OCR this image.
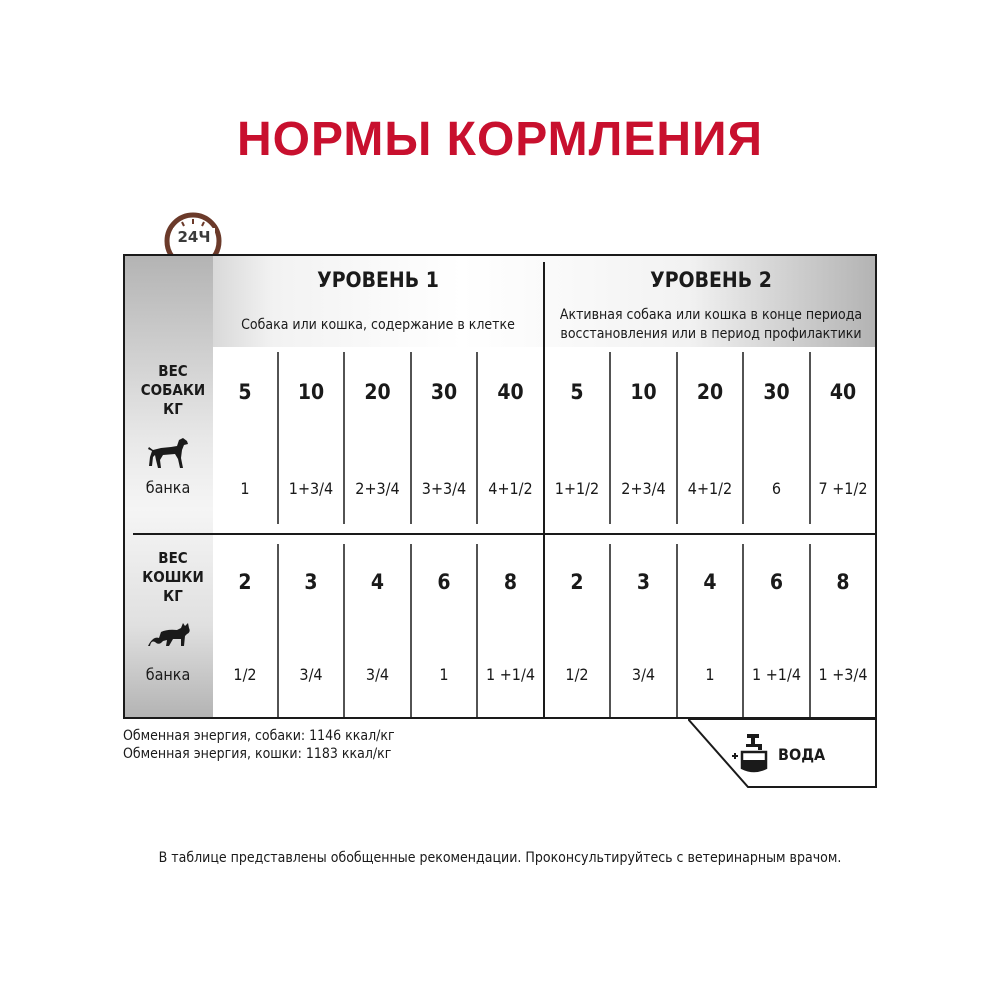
НОРМЫ КОРМЛЕНИЯ
24Ч
УРОВЕНЬ 1
Собака или кошка, содержание в клетке
УРОВЕНЬ 2
Активная собака или кошка в конце периода
восстановления или в период профилактики
ВЕС
СОБАКИ
КГ
банка
ВЕС
КОШКИ
КГ
банка
5	10	20	30	40	5	10	20	30	40
1	1+3/4	2+3/4	3+3/4	4+1/2	1+1/2	2+3/4	4+1/2	6	7 +1/2
2	3	4	6	8	2	3	4	6	8
1/2	3/4	3/4	1	1 +1/4	1/2	3/4	1	1 +1/4	1 +3/4
Обменная энергия, собаки: 1146 ккал/кг
Обменная энергия, кошки: 1183 ккал/кг	ВОДА
В таблице представлены обобщенные рекомендации. Проконсультируйтесь с ветеринарным врачом.
